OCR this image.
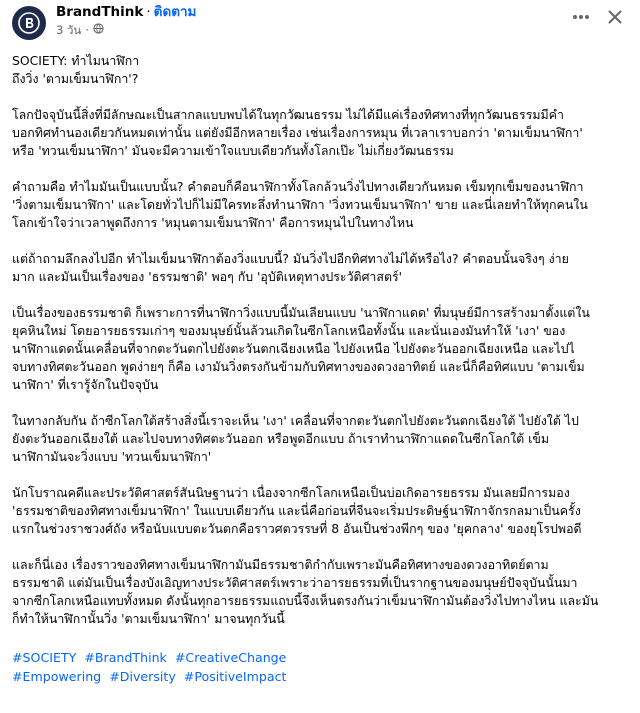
BrandThink · ติดตาม
3 วัน ·

SOCIETY: ทำไมนาฬิกา

ถึงวิ่ง 'ตามเข็มนาฬิกา'?

โลกปัจจุบันนี้สิ่งที่มีลักษณะเป็นสากลแบบพบได้ในทุกวัฒนธรรม ไม่ได้มีแค่เรื่องทิศทางที่ทุกวัฒนธรรมมีคำ

บอกทิศทำนองเดียวกันหมดเท่านั้น แต่ยังมีอีกหลายเรื่อง เช่นเรื่องการหมุน ที่เวลาเราบอกว่า 'ตามเข็มนาฬิกา'

หรือ 'ทวนเข็มนาฬิกา' มันจะมีความเข้าใจแบบเดียวกันทั้งโลกเป๊ะ ไม่เกี่ยงวัฒนธรรม

คำถามคือ ทำไมมันเป็นแบบนั้น? คำตอบก็คือนาฬิกาทั้งโลกล้วนวิ่งไปทางเดียวกันหมด เข็มทุกเข็มของนาฬิกา

'วิ่งตามเข็มนาฬิกา' และโดยทั่วไปก็ไม่มีใครทะลึ่งทำนาฬิกา 'วิ่งทวนเข็มนาฬิกา' ขาย และนี่เลยทำให้ทุกคนใน

โลกเข้าใจว่าเวลาพูดถึงการ 'หมุนตามเข็มนาฬิกา' คือการหมุนไปในทางไหน

แต่ถ้าถามลึกลงไปอีก ทำไมเข็มนาฬิกาต้องวิ่งแบบนี้? มันวิ่งไปอีกทิศทางไม่ได้หรือไง? คำตอบนั้นจริงๆ ง่าย

มาก และมันเป็นเรื่องของ 'ธรรมชาติ' พอๆ กับ 'อุบัติเหตุทางประวัติศาสตร์'

เป็นเรื่องของธรรมชาติ ก็เพราะการที่นาฬิกาวิ่งแบบนี้มันเลียนแบบ 'นาฬิกาแดด' ที่มนุษย์มีการสร้างมาตั้งแต่ใน

ยุคหินใหม่ โดยอารยธรรมเก่าๆ ของมนุษย์นั้นล้วนเกิดในซีกโลกเหนือทั้งนั้น และนั่นเองมันทำให้ 'เงา' ของ

นาฬิกาแดดนั้นเคลื่อนที่จากตะวันตกไปยังตะวันตกเฉียงเหนือ ไปยังเหนือ ไปยังตะวันออกเฉียงเหนือ และไปไ

จบทางทิศตะวันออก พูดง่ายๆ ก็คือ เงามันวิ่งตรงกันข้ามกับทิศทางของดวงอาทิตย์ และนี่ก็คือทิศแบบ 'ตามเข็ม

นาฬิกา' ที่เรารู้จักในปัจจุบัน

ในทางกลับกัน ถ้าซีกโลกใต้สร้างสิ่งนี้เราจะเห็น 'เงา' เคลื่อนที่จากตะวันตกไปยังตะวันตกเฉียงใต้ ไปยังใต้ ไป

ยังตะวันออกเฉียงใต้ และไปจบทางทิศตะวันออก หรือพูดอีกแบบ ถ้าเราทำนาฬิกาแดดในซีกโลกใต้ เข็ม

นาฬิกามันจะวิ่งแบบ 'ทวนเข็มนาฬิกา'

นักโบราณคดีและประวัติศาสตร์สันนิษฐานว่า เนื่องจากซีกโลกเหนือเป็นบ่อเกิดอารยธรรม มันเลยมีการมอง

'ธรรมชาติของทิศทางเข็มนาฬิกา' ในแบบเดียวกัน และนี่คือก่อนที่จีนจะเริ่มประดิษฐ์นาฬิกาจักรกลมาเป็นครั้ง

แรกในช่วงราชวงศ์ถัง หรือนับแบบตะวันตกคือราวศตวรรษที่ 8 อันเป็นช่วงพีกๆ ของ 'ยุคกลาง' ของยุโรปพอดี

และก็นี่เอง เรื่องราวของทิศทางเข็มนาฬิกามันมีธรรมชาติกำกับเพราะมันคือทิศทางของดวงอาทิตย์ตาม

ธรรมชาติ แต่มันเป็นเรื่องบังเอิญทางประวัติศาสตร์เพราะว่าอารยธรรมที่เป็นรากฐานของมนุษย์ปัจจุบันนั้นมา

จากซีกโลกเหนือแทบทั้งหมด ดังนั้นทุกอารยธรรมแถบนี้จึงเห็นตรงกันว่าเข็มนาฬิกามันต้องวิ่งไปทางไหน และมัน

ก็ทำให้นาฬิกานั้นวิ่ง 'ตามเข็มนาฬิกา' มาจนทุกวันนี้

#SOCIETY #BrandThink #CreativeChange
#Empowering #Diversity #PositiveImpact
